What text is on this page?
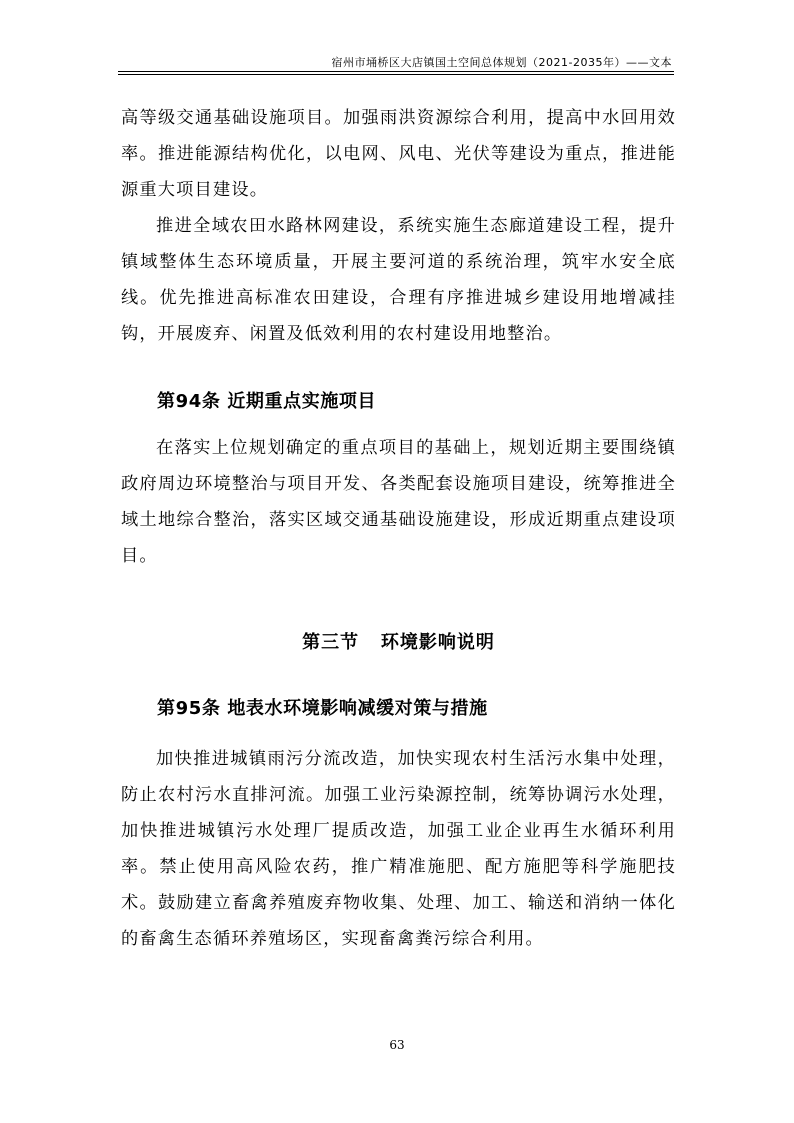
宿州市埇桥区大店镇国土空间总体规划（2021-2035年）——文本

高等级交通基础设施项目。加强雨洪资源综合利用，提高中水回用效率。推进能源结构优化，以电网、风电、光伏等建设为重点，推进能源重大项目建设。

推进全域农田水路林网建设，系统实施生态廊道建设工程，提升镇域整体生态环境质量，开展主要河道的系统治理，筑牢水安全底线。优先推进高标准农田建设，合理有序推进城乡建设用地增减挂钩，开展废弃、闲置及低效利用的农村建设用地整治。

第94条 近期重点实施项目

在落实上位规划确定的重点项目的基础上，规划近期主要围绕镇政府周边环境整治与项目开发、各类配套设施项目建设，统筹推进全域土地综合整治，落实区域交通基础设施建设，形成近期重点建设项目。

第三节   环境影响说明
第95条 地表水环境影响减缓对策与措施

加快推进城镇雨污分流改造，加快实现农村生活污水集中处理，防止农村污水直排河流。加强工业污染源控制，统筹协调污水处理，加快推进城镇污水处理厂提质改造，加强工业企业再生水循环利用率。禁止使用高风险农药，推广精准施肥、配方施肥等科学施肥技术。鼓励建立畜禽养殖废弃物收集、处理、加工、输送和消纳一体化的畜禽生态循环养殖场区，实现畜禽粪污综合利用。

63
